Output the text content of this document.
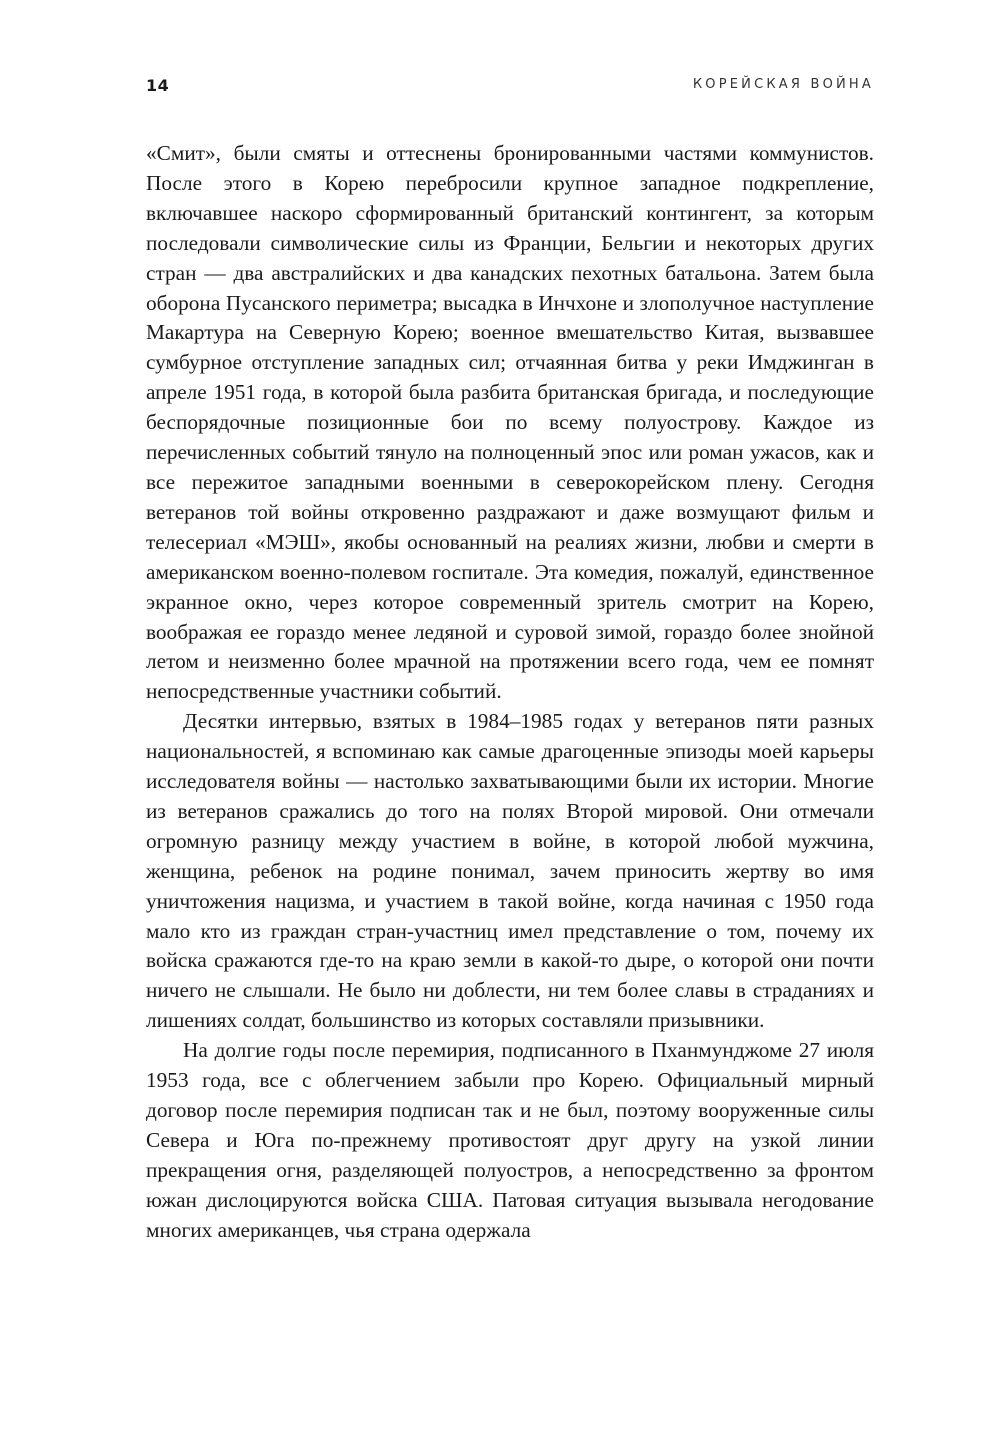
14	КОРЕЙСКАЯ ВОЙНА

«Смит», были смяты и оттеснены бронированными частями коммунистов. После этого в Корею перебросили крупное западное подкрепление, включавшее наскоро сформированный британский контингент, за которым последовали символические силы из Франции, Бельгии и некоторых других стран — два австралийских и два канадских пехотных батальона. Затем была оборона Пусанского периметра; высадка в Инчхоне и злополучное наступление Макартура на Северную Корею; военное вмешательство Китая, вызвавшее сумбурное отступление западных сил; отчаянная битва у реки Имджинган в апреле 1951 года, в которой была разбита британская бригада, и последующие беспорядочные позиционные бои по всему полуострову. Каждое из перечисленных событий тянуло на полноценный эпос или роман ужасов, как и все пережитое западными военными в северокорейском плену. Сегодня ветеранов той войны откровенно раздражают и даже возмущают фильм и телесериал «МЭШ», якобы основанный на реалиях жизни, любви и смерти в американском военно-полевом госпитале. Эта комедия, пожалуй, единственное экранное окно, через которое современный зритель смотрит на Корею, воображая ее гораздо менее ледяной и суровой зимой, гораздо более знойной летом и неизменно более мрачной на протяжении всего года, чем ее помнят непосредственные участники событий.

Десятки интервью, взятых в 1984–1985 годах у ветеранов пяти разных национальностей, я вспоминаю как самые драгоценные эпизоды моей карьеры исследователя войны — настолько захватывающими были их истории. Многие из ветеранов сражались до того на полях Второй мировой. Они отмечали огромную разницу между участием в войне, в которой любой мужчина, женщина, ребенок на родине понимал, зачем приносить жертву во имя уничтожения нацизма, и участием в такой войне, когда начиная с 1950 года мало кто из граждан стран-участниц имел представление о том, почему их войска сражаются где-то на краю земли в какой-то дыре, о которой они почти ничего не слышали. Не было ни доблести, ни тем более славы в страданиях и лишениях солдат, большинство из которых составляли призывники.

На долгие годы после перемирия, подписанного в Пханмунджоме 27 июля 1953 года, все с облегчением забыли про Корею. Официальный мирный договор после перемирия подписан так и не был, поэтому вооруженные силы Севера и Юга по-прежнему противостоят друг другу на узкой линии прекращения огня, разделяющей полуостров, а непосредственно за фронтом южан дислоцируются войска США. Патовая ситуация вызывала негодование многих американцев, чья страна одержала
